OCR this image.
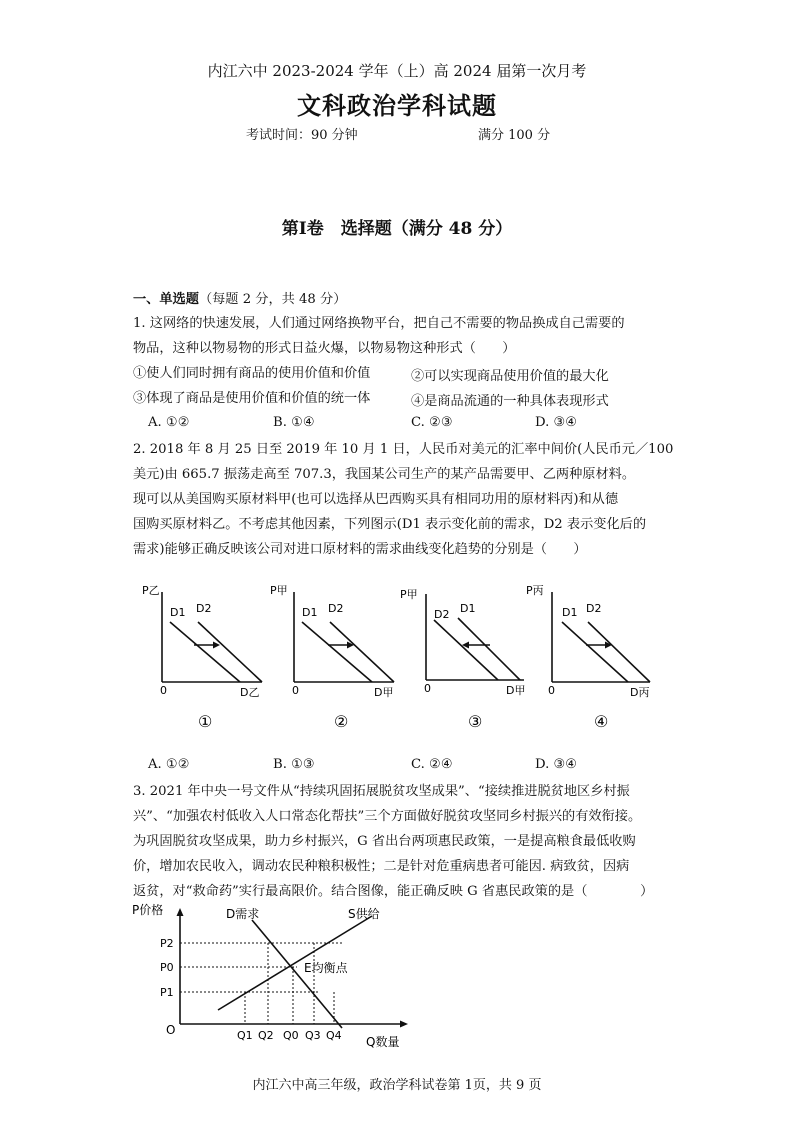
内江六中 2023-2024 学年（上）高 2024 届第一次月考
文科政治学科试题
考试时间：90 分钟	满分 100 分
第Ⅰ卷　选择题（满分 48 分）
一、单选题（每题 2 分，共 48 分）
1. 这网络的快速发展，人们通过网络换物平台，把自己不需要的物品换成自己需要的
物品，这种以物易物的形式日益火爆，以物易物这种形式（　　）
①使人们同时拥有商品的使用价值和价值	②可以实现商品使用价值的最大化
③体现了商品是使用价值和价值的统一体	④是商品流通的一种具体表现形式
A. ①②	B. ①④	C. ②③	D. ③④
2. 2018 年 8 月 25 日至 2019 年 10 月 1 日，人民币对美元的汇率中间价(人民币元／100
美元)由 665.7 振荡走高至 707.3，我国某公司生产的某产品需要甲、乙两种原材料。
现可以从美国购买原材料甲(也可以选择从巴西购买具有相同功用的原材料丙)和从德
国购买原材料乙。不考虑其他因素，下列图示(D1 表示变化前的需求，D2 表示变化后的
需求)能够正确反映该公司对进口原材料的需求曲线变化趋势的分别是（　　）
P乙
D乙
0
D1 D2
①
P甲
D甲
0
D1 D2
②
P甲
D甲
0
D2 D1
③
P丙
D丙
0
D1 D2
④
A. ①②	B. ①③	C. ②④	D. ③④
3. 2021 年中央一号文件从“持续巩固拓展脱贫攻坚成果”、“接续推进脱贫地区乡村振
兴”、“加强农村低收入人口常态化帮扶”三个方面做好脱贫攻坚同乡村振兴的有效衔接。
为巩固脱贫攻坚成果，助力乡村振兴，G 省出台两项惠民政策，一是提高粮食最低收购
价，增加农民收入，调动农民种粮积极性；二是针对危重病患者可能因. 病致贫，因病
返贫，对“救命药”实行最高限价。结合图像，能正确反映 G 省惠民政策的是（　　　　）
P价格
Q数量
O
D需求	S供给
E均衡点
P2
P0
P1
Q1 Q2 Q0 Q3 Q4
内江六中高三年级，政治学科试卷第 1页，共 9 页
